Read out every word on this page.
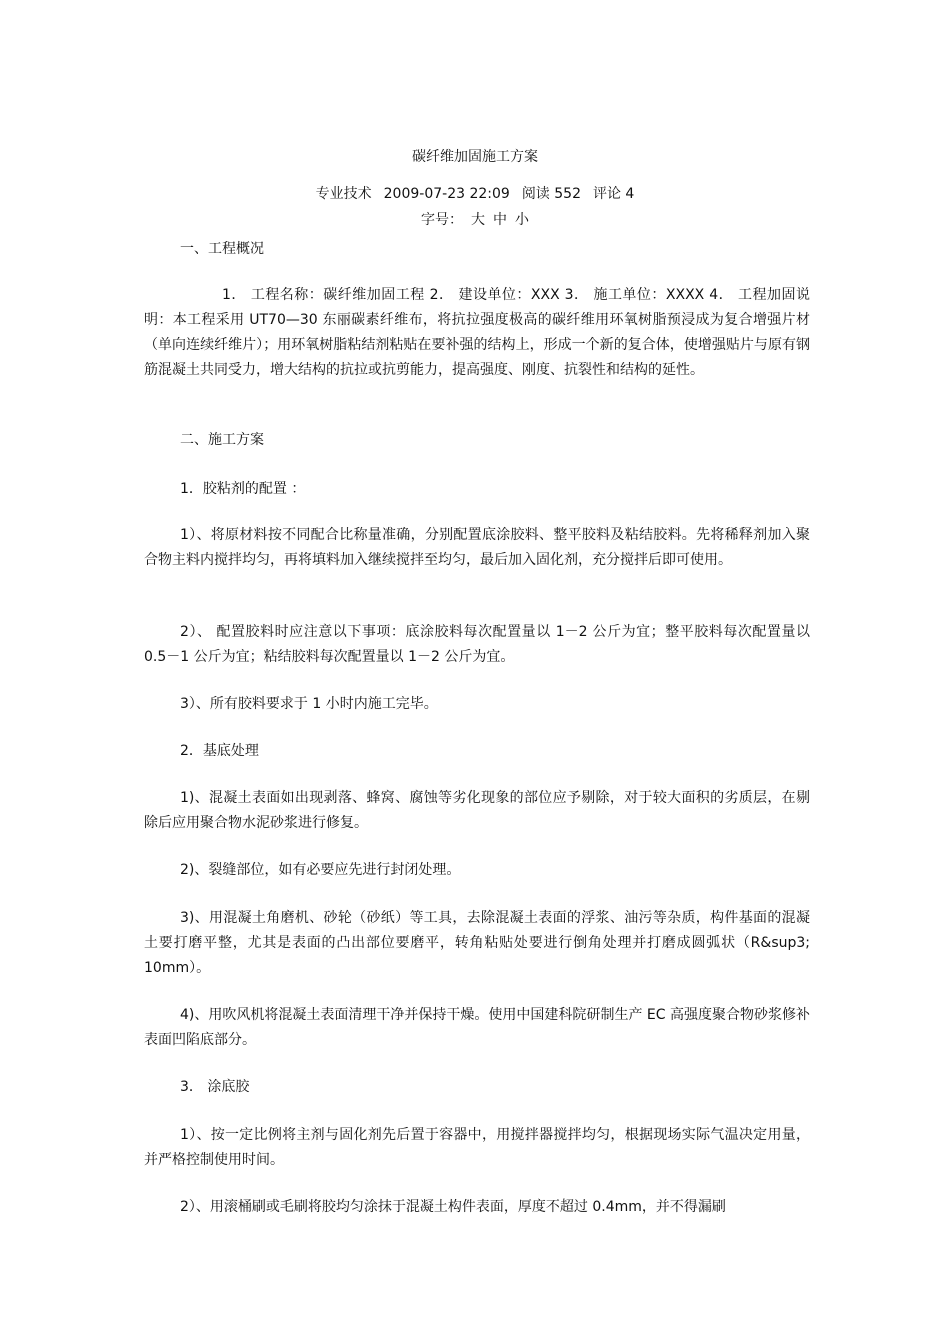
碳纤维加固施工方案
专业技术 2009-07-23 22:09 阅读 552 评论 4
字号： 大 中 小

一、工程概况

1． 工程名称：碳纤维加固工程 2． 建设单位：XXX 3． 施工单位：XXXX 4． 工程加固说明：本工程采用 UT70—30 东丽碳素纤维布，将抗拉强度极高的碳纤维用环氧树脂预浸成为复合增强片材（单向连续纤维片）；用环氧树脂粘结剂粘贴在要补强的结构上，形成一个新的复合体，使增强贴片与原有钢筋混凝土共同受力，增大结构的抗拉或抗剪能力，提高强度、刚度、抗裂性和结构的延性。

二、施工方案

1．胶粘剂的配置 ：

1）、将原材料按不同配合比称量准确，分别配置底涂胶料、整平胶料及粘结胶料。先将稀释剂加入聚合物主料内搅拌均匀，再将填料加入继续搅拌至均匀，最后加入固化剂，充分搅拌后即可使用。

2）、 配置胶料时应注意以下事项：底涂胶料每次配置量以 1－2 公斤为宜；整平胶料每次配置量以 0.5－1 公斤为宜；粘结胶料每次配置量以 1－2 公斤为宜。

3）、所有胶料要求于 1 小时内施工完毕。

2．基底处理

1)、混凝土表面如出现剥落、蜂窝、腐蚀等劣化现象的部位应予剔除，对于较大面积的劣质层，在剔除后应用聚合物水泥砂浆进行修复。

2)、裂缝部位，如有必要应先进行封闭处理。

3)、用混凝土角磨机、砂轮（砂纸）等工具，去除混凝土表面的浮浆、油污等杂质，构件基面的混凝土要打磨平整，尤其是表面的凸出部位要磨平，转角粘贴处要进行倒角处理并打磨成圆弧状（R&sup3; 10mm）。

4)、用吹风机将混凝土表面清理干净并保持干燥。使用中国建科院研制生产 EC 高强度聚合物砂浆修补表面凹陷底部分。

3． 涂底胶

1）、按一定比例将主剂与固化剂先后置于容器中，用搅拌器搅拌均匀，根据现场实际气温决定用量，并严格控制使用时间。

2）、用滚桶刷或毛刷将胶均匀涂抹于混凝土构件表面，厚度不超过 0.4mm，并不得漏刷
